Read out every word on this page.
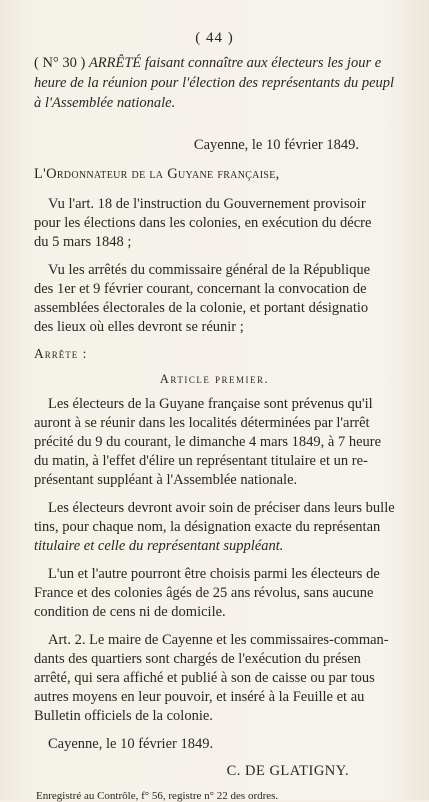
( 44 )
( N° 30 ) ARRÊTÉ faisant connaître aux électeurs les jour e
heure de la réunion pour l'élection des représentants du peupl
à l'Assemblée nationale.
Cayenne, le 10 février 1849.
L'Ordonnateur de la Guyane française,

Vu l'art. 18 de l'instruction du Gouvernement provisoir
pour les élections dans les colonies, en exécution du décre
du 5 mars 1848 ;

Vu les arrêtés du commissaire général de la République
des 1er et 9 février courant, concernant la convocation de
assemblées électorales de la colonie, et portant désignatio
des lieux où elles devront se réunir ;

Arrête :
Article premier.

Les électeurs de la Guyane française sont prévenus qu'il
auront à se réunir dans les localités déterminées par l'arrêt
précité du 9 du courant, le dimanche 4 mars 1849, à 7 heure
du matin, à l'effet d'élire un représentant titulaire et un re-
présentant suppléant à l'Assemblée nationale.

Les électeurs devront avoir soin de préciser dans leurs bulle
tins, pour chaque nom, la désignation exacte du représentan
titulaire et celle du représentant suppléant.

L'un et l'autre pourront être choisis parmi les électeurs de
France et des colonies âgés de 25 ans révolus, sans aucune
condition de cens ni de domicile.

Art. 2. Le maire de Cayenne et les commissaires-comman-
dants des quartiers sont chargés de l'exécution du présen
arrêté, qui sera affiché et publié à son de caisse ou par tous
autres moyens en leur pouvoir, et inséré à la Feuille et au
Bulletin officiels de la colonie.

Cayenne, le 10 février 1849.

C. DE GLATIGNY.
Enregistré au Contrôle, f° 56, registre n° 22 des ordres.
